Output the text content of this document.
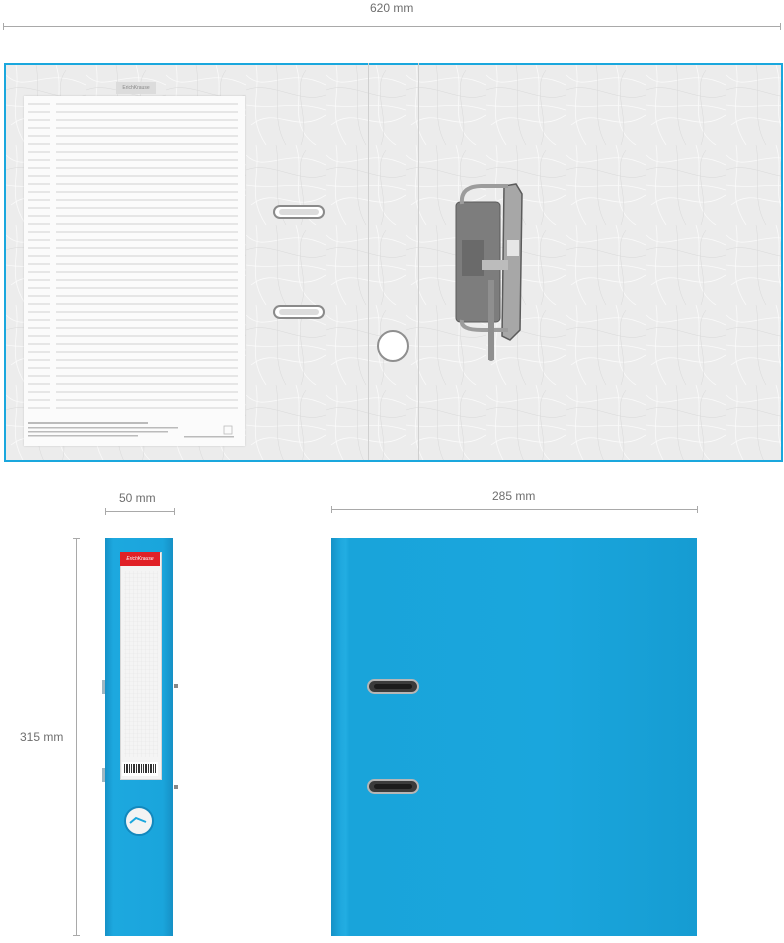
620 mm
ErichKrause
50 mm	285 mm
315 mm
ErichKrause
